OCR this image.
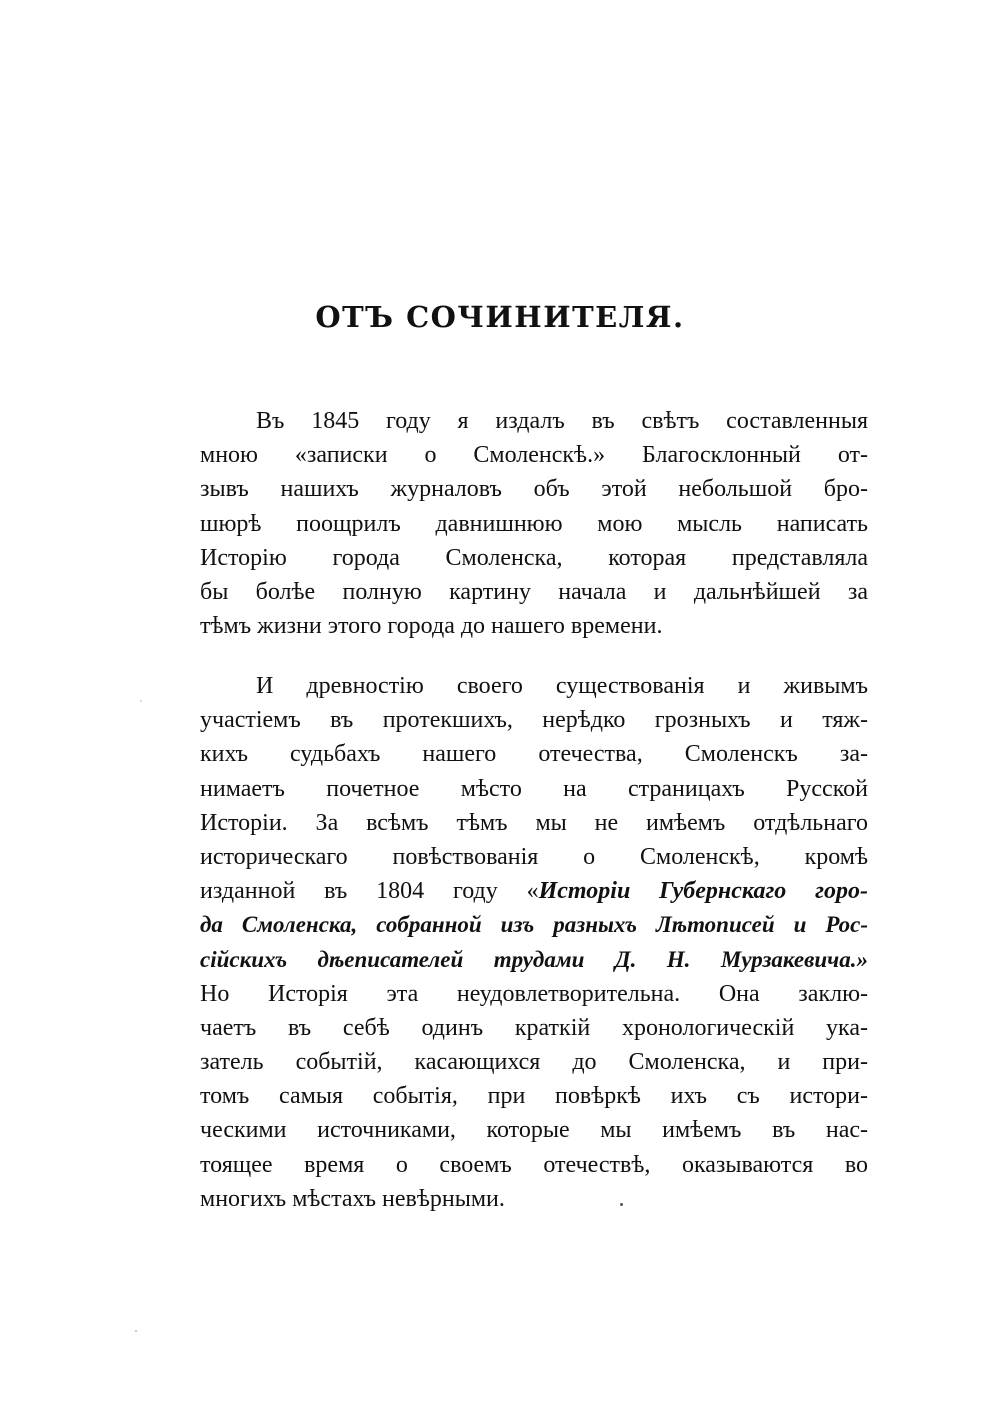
ОТЪ СОЧИНИТЕЛЯ.
Въ 1845 году я издалъ въ свѣтъ составленныя
мною «записки о Смоленскѣ.» Благосклонный от-
зывъ нашихъ журналовъ объ этой небольшой бро-
шюрѣ поощрилъ давнишнюю мою мысль написать
Исторію города Смоленска, которая представляла
бы болѣе полную картину начала и дальнѣйшей за
тѣмъ жизни этого города до нашего времени.
И древностію своего существованія и живымъ
участіемъ въ протекшихъ, нерѣдко грозныхъ и тяж-
кихъ судьбахъ нашего отечества, Смоленскъ за-
нимаетъ почетное мѣсто на страницахъ Русской
Исторіи. За всѣмъ тѣмъ мы не имѣемъ отдѣльнаго
историческаго повѣствованія о Смоленскѣ, кромѣ
изданной въ 1804 году «Исторіи Губернскаго горо-
да Смоленска, собранной изъ разныхъ Лѣтописей и Рос-
сійскихъ дѣеписателей трудами Д. Н. Мурзакевича.»
Но Исторія эта неудовлетворительна. Она заклю-
чаетъ въ себѣ одинъ краткій хронологическій ука-
затель событій, касающихся до Смоленска, и при-
томъ самыя событія, при повѣркѣ ихъ съ истори-
ческими источниками, которые мы имѣемъ въ нас-
тоящее время о своемъ отечествѣ, оказываются во
многихъ мѣстахъ невѣрными.
